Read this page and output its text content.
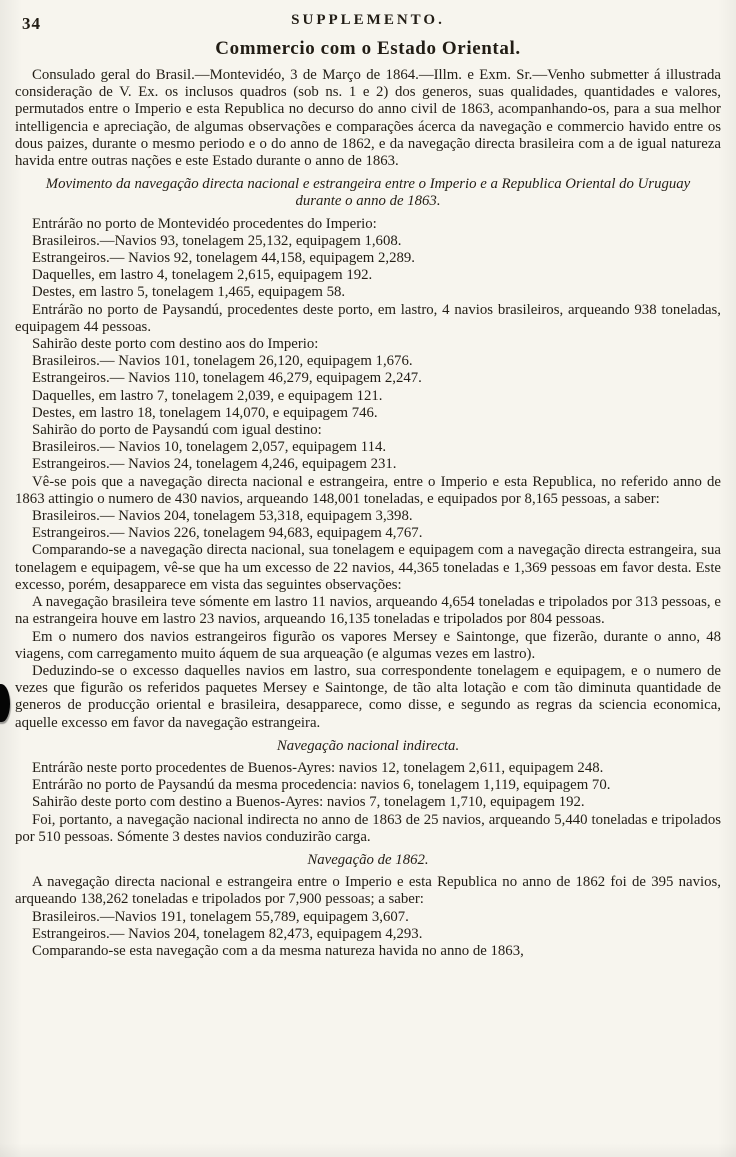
34	SUPPLEMENTO.
Commercio com o Estado Oriental.

Consulado geral do Brasil.—Montevidéo, 3 de Março de 1864.—Illm. e Exm. Sr.—Venho submetter á illustrada consideração de V. Ex. os inclusos quadros (sob ns. 1 e 2) dos generos, suas qualidades, quantidades e valores, permutados entre o Imperio e esta Republica no decurso do anno civil de 1863, acompanhando-os, para a sua melhor intelligencia e apreciação, de algumas observações e comparações ácerca da navegação e commercio havido entre os dous paizes, durante o mesmo periodo e o do anno de 1862, e da navegação directa brasileira com a de igual natureza havida entre outras nações e este Estado durante o anno de 1863.

Movimento da navegação directa nacional e estrangeira entre o Imperio e a Republica Oriental do Uruguay durante o anno de 1863.

Entrárão no porto de Montevidéo procedentes do Imperio:

Brasileiros.—Navios 93, tonelagem 25,132, equipagem 1,608.

Estrangeiros.— Navios 92, tonelagem 44,158, equipagem 2,289.

Daquelles, em lastro 4, tonelagem 2,615, equipagem 192.

Destes, em lastro 5, tonelagem 1,465, equipagem 58.

Entrárão no porto de Paysandú, procedentes deste porto, em lastro, 4 navios brasileiros, arqueando 938 toneladas, equipagem 44 pessoas.

Sahirão deste porto com destino aos do Imperio:

Brasileiros.— Navios 101, tonelagem 26,120, equipagem 1,676.

Estrangeiros.— Navios 110, tonelagem 46,279, equipagem 2,247.

Daquelles, em lastro 7, tonelagem 2,039, e equipagem 121.

Destes, em lastro 18, tonelagem 14,070, e equipagem 746.

Sahirão do porto de Paysandú com igual destino:

Brasileiros.— Navios 10, tonelagem 2,057, equipagem 114.

Estrangeiros.— Navios 24, tonelagem 4,246, equipagem 231.

Vê-se pois que a navegação directa nacional e estrangeira, entre o Imperio e esta Republica, no referido anno de 1863 attingio o numero de 430 navios, arqueando 148,001 toneladas, e equipados por 8,165 pessoas, a saber:

Brasileiros.— Navios 204, tonelagem 53,318, equipagem 3,398.

Estrangeiros.— Navios 226, tonelagem 94,683, equipagem 4,767.

Comparando-se a navegação directa nacional, sua tonelagem e equipagem com a navegação directa estrangeira, sua tonelagem e equipagem, vê-se que ha um excesso de 22 navios, 44,365 toneladas e 1,369 pessoas em favor desta. Este excesso, porém, desapparece em vista das seguintes observações:

A navegação brasileira teve sómente em lastro 11 navios, arqueando 4,654 toneladas e tripolados por 313 pessoas, e na estrangeira houve em lastro 23 navios, arqueando 16,135 toneladas e tripolados por 804 pessoas.

Em o numero dos navios estrangeiros figurão os vapores Mersey e Saintonge, que fizerão, durante o anno, 48 viagens, com carregamento muito áquem de sua arqueação (e algumas vezes em lastro).

Deduzindo-se o excesso daquelles navios em lastro, sua correspondente tonelagem e equipagem, e o numero de vezes que figurão os referidos paquetes Mersey e Saintonge, de tão alta lotação e com tão diminuta quantidade de generos de producção oriental e brasileira, desapparece, como disse, e segundo as regras da sciencia economica, aquelle excesso em favor da navegação estrangeira.

Navegação nacional indirecta.

Entrárão neste porto procedentes de Buenos-Ayres: navios 12, tonelagem 2,611, equipagem 248.

Entrárão no porto de Paysandú da mesma procedencia: navios 6, tonelagem 1,119, equipagem 70.

Sahirão deste porto com destino a Buenos-Ayres: navios 7, tonelagem 1,710, equipagem 192.

Foi, portanto, a navegação nacional indirecta no anno de 1863 de 25 navios, arqueando 5,440 toneladas e tripolados por 510 pessoas. Sómente 3 destes navios conduzirão carga.

Navegação de 1862.

A navegação directa nacional e estrangeira entre o Imperio e esta Republica no anno de 1862 foi de 395 navios, arqueando 138,262 toneladas e tripolados por 7,900 pessoas; a saber:

Brasileiros.—Navios 191, tonelagem 55,789, equipagem 3,607.

Estrangeiros.— Navios 204, tonelagem 82,473, equipagem 4,293.

Comparando-se esta navegação com a da mesma natureza havida no anno de 1863,
